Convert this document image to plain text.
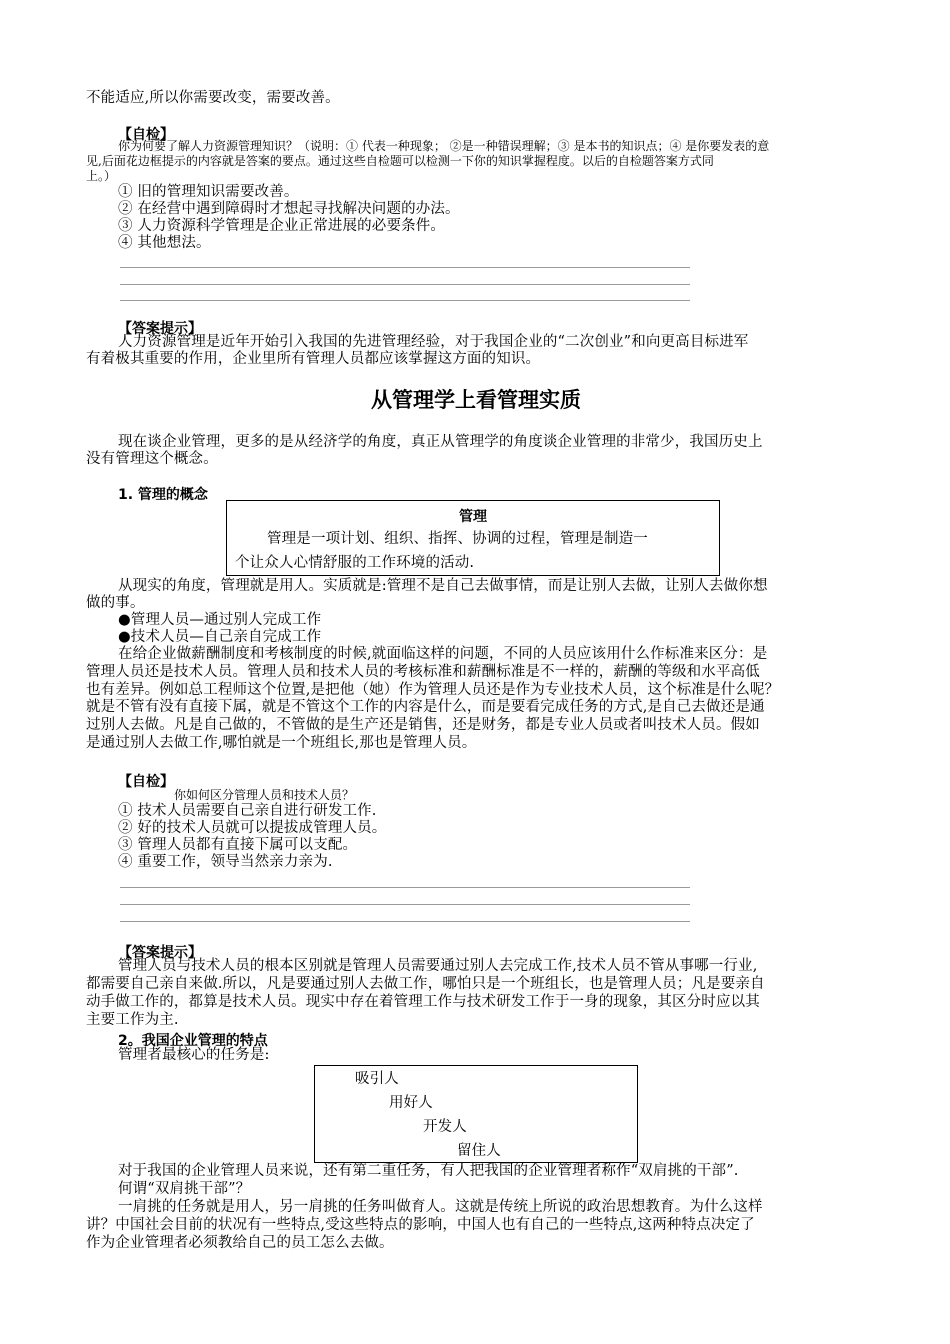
不能适应,所以你需要改变，需要改善。
【自检】
你为何要了解人力资源管理知识？（说明：① 代表一种现象； ②是一种错误理解；③ 是本书的知识点；④ 是你要发表的意
见,后面花边框提示的内容就是答案的要点。通过这些自检题可以检测一下你的知识掌握程度。以后的自检题答案方式同
上。）
① 旧的管理知识需要改善。
② 在经营中遇到障碍时才想起寻找解决问题的办法。
③ 人力资源科学管理是企业正常进展的必要条件。
④ 其他想法。
【答案提示】
人力资源管理是近年开始引入我国的先进管理经验，对于我国企业的“二次创业”和向更高目标进军
有着极其重要的作用，企业里所有管理人员都应该掌握这方面的知识。
从管理学上看管理实质
现在谈企业管理，更多的是从经济学的角度，真正从管理学的角度谈企业管理的非常少，我国历史上
没有管理这个概念。
1. 管理的概念
管理
管理是一项计划、组织、指挥、协调的过程，管理是制造一
个让众人心情舒服的工作环境的活动.
从现实的角度，管理就是用人。实质就是:管理不是自己去做事情，而是让别人去做，让别人去做你想
做的事。
●管理人员—通过别人完成工作
●技术人员—自己亲自完成工作
在给企业做薪酬制度和考核制度的时候,就面临这样的问题，不同的人员应该用什么作标准来区分：是
管理人员还是技术人员。管理人员和技术人员的考核标准和薪酬标准是不一样的，薪酬的等级和水平高低
也有差异。例如总工程师这个位置,是把他（她）作为管理人员还是作为专业技术人员，这个标准是什么呢？
就是不管有没有直接下属，就是不管这个工作的内容是什么，而是要看完成任务的方式,是自己去做还是通
过别人去做。凡是自己做的，不管做的是生产还是销售，还是财务，都是专业人员或者叫技术人员。假如
是通过别人去做工作,哪怕就是一个班组长,那也是管理人员。
【自检】
你如何区分管理人员和技术人员？
① 技术人员需要自己亲自进行研发工作.
② 好的技术人员就可以提拔成管理人员。
③ 管理人员都有直接下属可以支配。
④ 重要工作，领导当然亲力亲为.
【答案提示】
管理人员与技术人员的根本区别就是管理人员需要通过别人去完成工作,技术人员不管从事哪一行业,
都需要自己亲自来做.所以，凡是要通过别人去做工作，哪怕只是一个班组长，也是管理人员；凡是要亲自
动手做工作的，都算是技术人员。现实中存在着管理工作与技术研发工作于一身的现象，其区分时应以其
主要工作为主.
2。我国企业管理的特点
管理者最核心的任务是:
吸引人
用好人
开发人
留住人
对于我国的企业管理人员来说，还有第二重任务，有人把我国的企业管理者称作“双肩挑的干部”.
何谓“双肩挑干部”？
一肩挑的任务就是用人，另一肩挑的任务叫做育人。这就是传统上所说的政治思想教育。为什么这样
讲？中国社会目前的状况有一些特点,受这些特点的影响，中国人也有自己的一些特点,这两种特点决定了
作为企业管理者必须教给自己的员工怎么去做。
